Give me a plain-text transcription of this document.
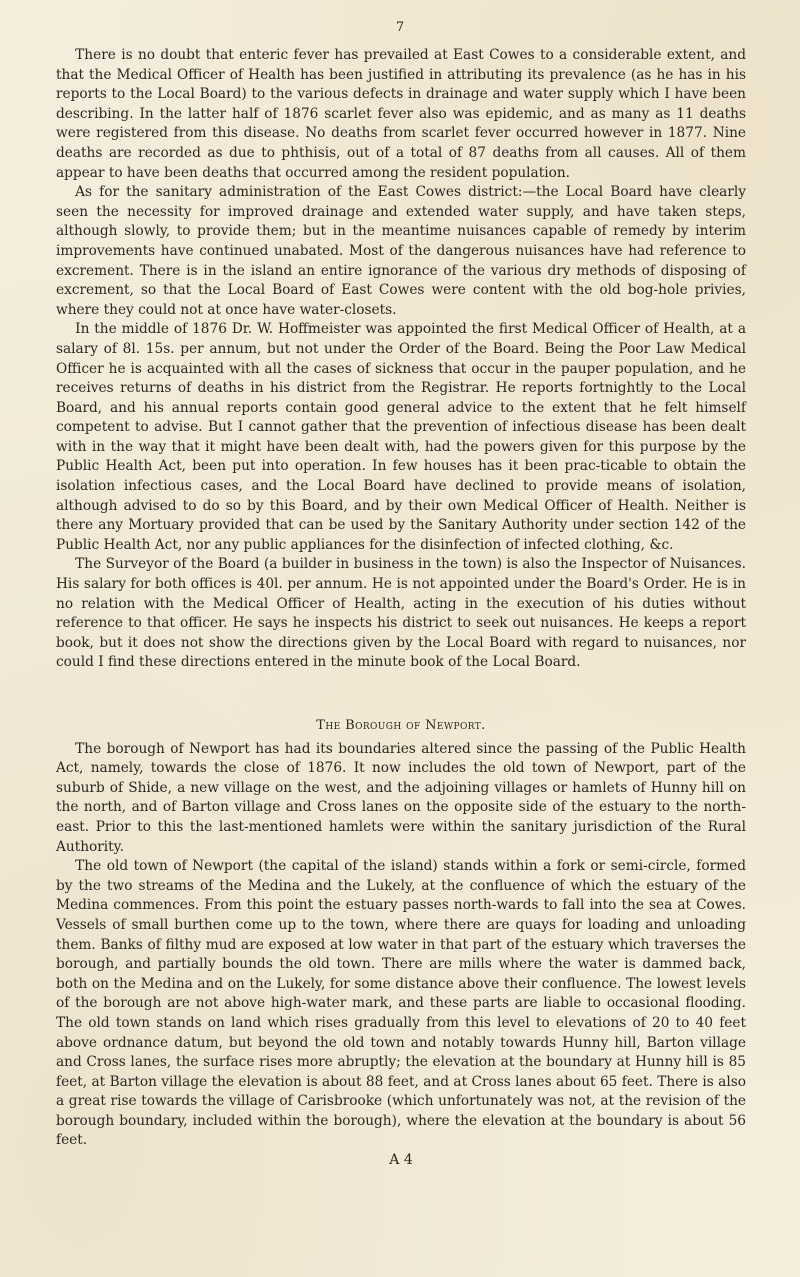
7

There is no doubt that enteric fever has prevailed at East Cowes to a considerable extent, and that the Medical Officer of Health has been justified in attributing its prevalence (as he has in his reports to the Local Board) to the various defects in drainage and water supply which I have been describing. In the latter half of 1876 scarlet fever also was epidemic, and as many as 11 deaths were registered from this disease. No deaths from scarlet fever occurred however in 1877. Nine deaths are recorded as due to phthisis, out of a total of 87 deaths from all causes. All of them appear to have been deaths that occurred among the resident population.

As for the sanitary administration of the East Cowes district:—the Local Board have clearly seen the necessity for improved drainage and extended water supply, and have taken steps, although slowly, to provide them; but in the meantime nuisances capable of remedy by interim improvements have continued unabated. Most of the dangerous nuisances have had reference to excrement. There is in the island an entire ignorance of the various dry methods of disposing of excrement, so that the Local Board of East Cowes were content with the old bog-hole privies, where they could not at once have water-closets.

In the middle of 1876 Dr. W. Hoffmeister was appointed the first Medical Officer of Health, at a salary of 8l. 15s. per annum, but not under the Order of the Board. Being the Poor Law Medical Officer he is acquainted with all the cases of sickness that occur in the pauper population, and he receives returns of deaths in his district from the Registrar. He reports fortnightly to the Local Board, and his annual reports contain good general advice to the extent that he felt himself competent to advise. But I cannot gather that the prevention of infectious disease has been dealt with in the way that it might have been dealt with, had the powers given for this purpose by the Public Health Act, been put into operation. In few houses has it been prac-ticable to obtain the isolation infectious cases, and the Local Board have declined to provide means of isolation, although advised to do so by this Board, and by their own Medical Officer of Health. Neither is there any Mortuary provided that can be used by the Sanitary Authority under section 142 of the Public Health Act, nor any public appliances for the disinfection of infected clothing, &c.

The Surveyor of the Board (a builder in business in the town) is also the Inspector of Nuisances. His salary for both offices is 40l. per annum. He is not appointed under the Board's Order. He is in no relation with the Medical Officer of Health, acting in the execution of his duties without reference to that officer. He says he inspects his district to seek out nuisances. He keeps a report book, but it does not show the directions given by the Local Board with regard to nuisances, nor could I find these directions entered in the minute book of the Local Board.

The Borough of Newport.

The borough of Newport has had its boundaries altered since the passing of the Public Health Act, namely, towards the close of 1876. It now includes the old town of Newport, part of the suburb of Shide, a new village on the west, and the adjoining villages or hamlets of Hunny hill on the north, and of Barton village and Cross lanes on the opposite side of the estuary to the north-east. Prior to this the last-mentioned hamlets were within the sanitary jurisdiction of the Rural Authority.

The old town of Newport (the capital of the island) stands within a fork or semi-circle, formed by the two streams of the Medina and the Lukely, at the confluence of which the estuary of the Medina commences. From this point the estuary passes north-wards to fall into the sea at Cowes. Vessels of small burthen come up to the town, where there are quays for loading and unloading them. Banks of filthy mud are exposed at low water in that part of the estuary which traverses the borough, and partially bounds the old town. There are mills where the water is dammed back, both on the Medina and on the Lukely, for some distance above their confluence. The lowest levels of the borough are not above high-water mark, and these parts are liable to occasional flooding. The old town stands on land which rises gradually from this level to elevations of 20 to 40 feet above ordnance datum, but beyond the old town and notably towards Hunny hill, Barton village and Cross lanes, the surface rises more abruptly; the elevation at the boundary at Hunny hill is 85 feet, at Barton village the elevation is about 88 feet, and at Cross lanes about 65 feet. There is also a great rise towards the village of Carisbrooke (which unfortunately was not, at the revision of the borough boundary, included within the borough), where the elevation at the boundary is about 56 feet.

A 4
